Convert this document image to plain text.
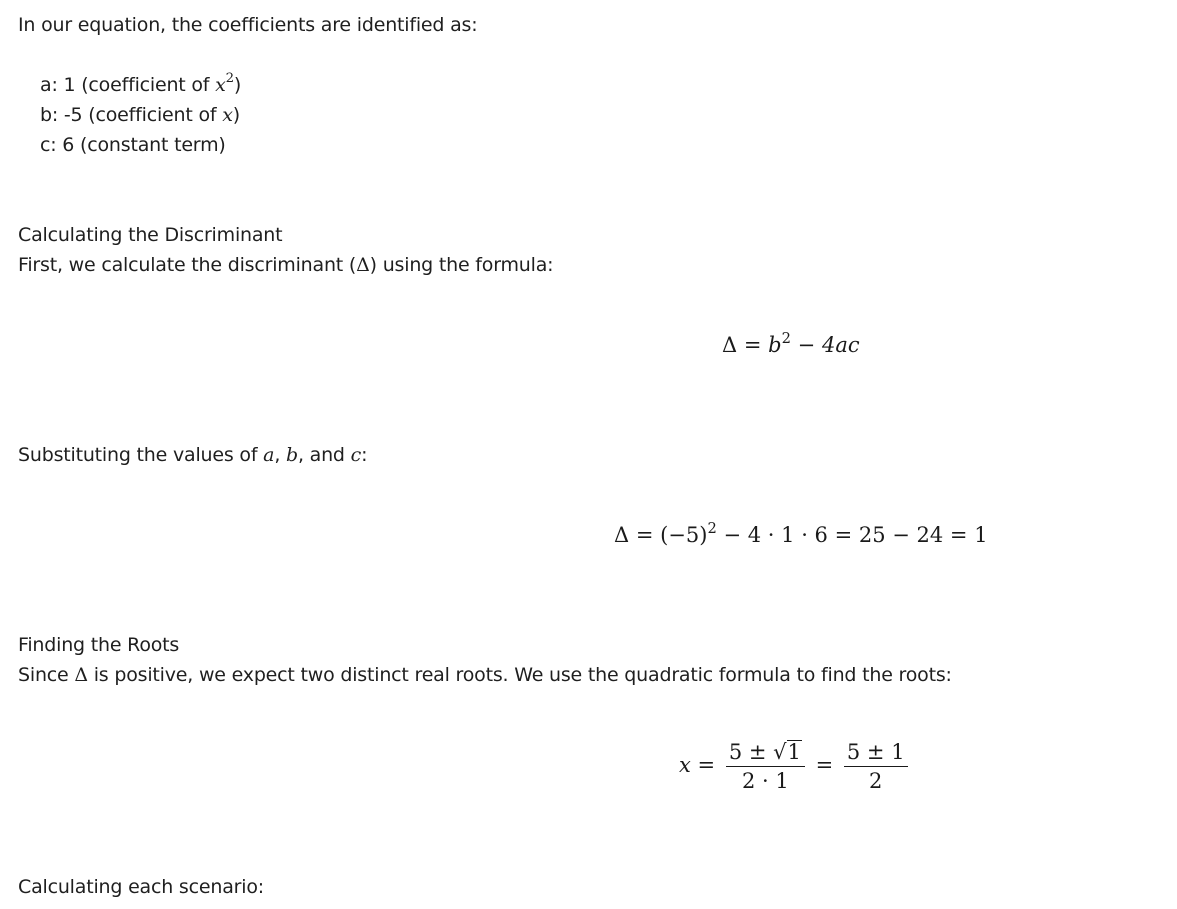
In our equation, the coefficients are identified as:
a: 1 (coefficient of $x^2$)
b: -5 (coefficient of x)
c: 6 (constant term)
Calculating the Discriminant
First, we calculate the discriminant (Δ) using the formula:
$\Delta = b^2 - 4ac$
Substituting the values of a, b, and c:
$\Delta = (-5)^2 - 4 \cdot 1 \cdot 6 = 25 - 24 = 1$
Finding the Roots
Since Δ is positive, we expect two distinct real roots. We use the quadratic formula to find the roots:
$x = \frac{5 \pm √1}{2 \cdot 1} = \frac{5 \pm 1}{2}$
Calculating each scenario:
